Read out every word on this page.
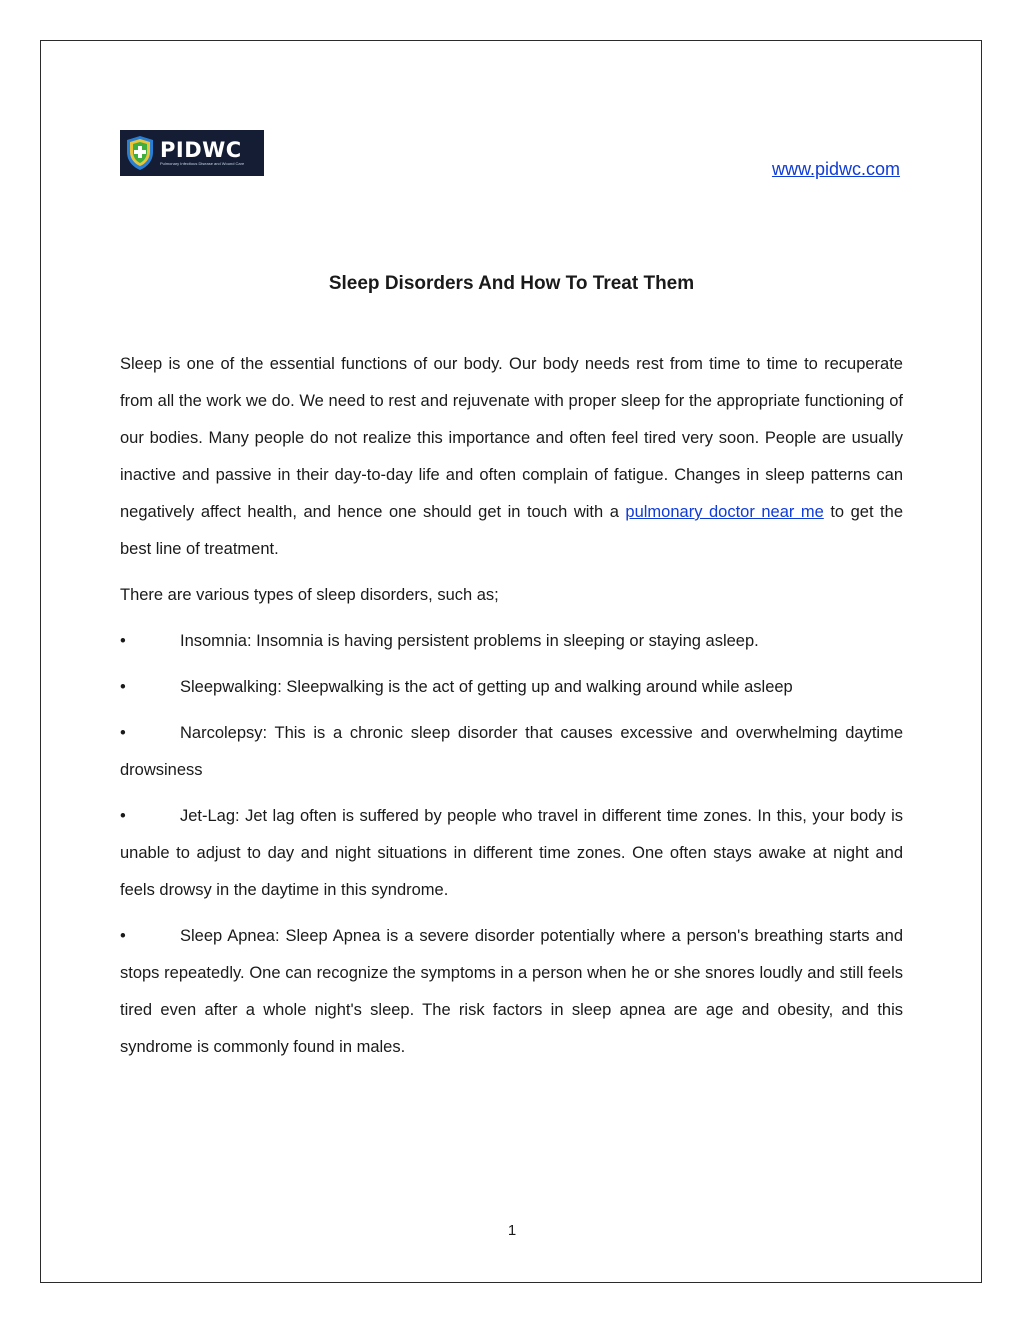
PIDWC
Pulmonary Infectious Disease and Wound Care	www.pidwc.com
Sleep Disorders And How To Treat Them

Sleep is one of the essential functions of our body. Our body needs rest from time to time to recuperate from all the work we do. We need to rest and rejuvenate with proper sleep for the appropriate functioning of our bodies. Many people do not realize this importance and often feel tired very soon. People are usually inactive and passive in their day-to-day life and often complain of fatigue. Changes in sleep patterns can negatively affect health, and hence one should get in touch with a pulmonary doctor near me to get the best line of treatment.

There are various types of sleep disorders, such as;

•	Insomnia: Insomnia is having persistent problems in sleeping or staying asleep.

•	Sleepwalking: Sleepwalking is the act of getting up and walking around while asleep

•	Narcolepsy: This is a chronic sleep disorder that causes excessive and overwhelming daytime drowsiness

•	Jet-Lag: Jet lag often is suffered by people who travel in different time zones. In this, your body is unable to adjust to day and night situations in different time zones. One often stays awake at night and feels drowsy in the daytime in this syndrome.

•	Sleep Apnea: Sleep Apnea is a severe disorder potentially where a person's breathing starts and stops repeatedly. One can recognize the symptoms in a person when he or she snores loudly and still feels tired even after a whole night's sleep. The risk factors in sleep apnea are age and obesity, and this syndrome is commonly found in males.

1
